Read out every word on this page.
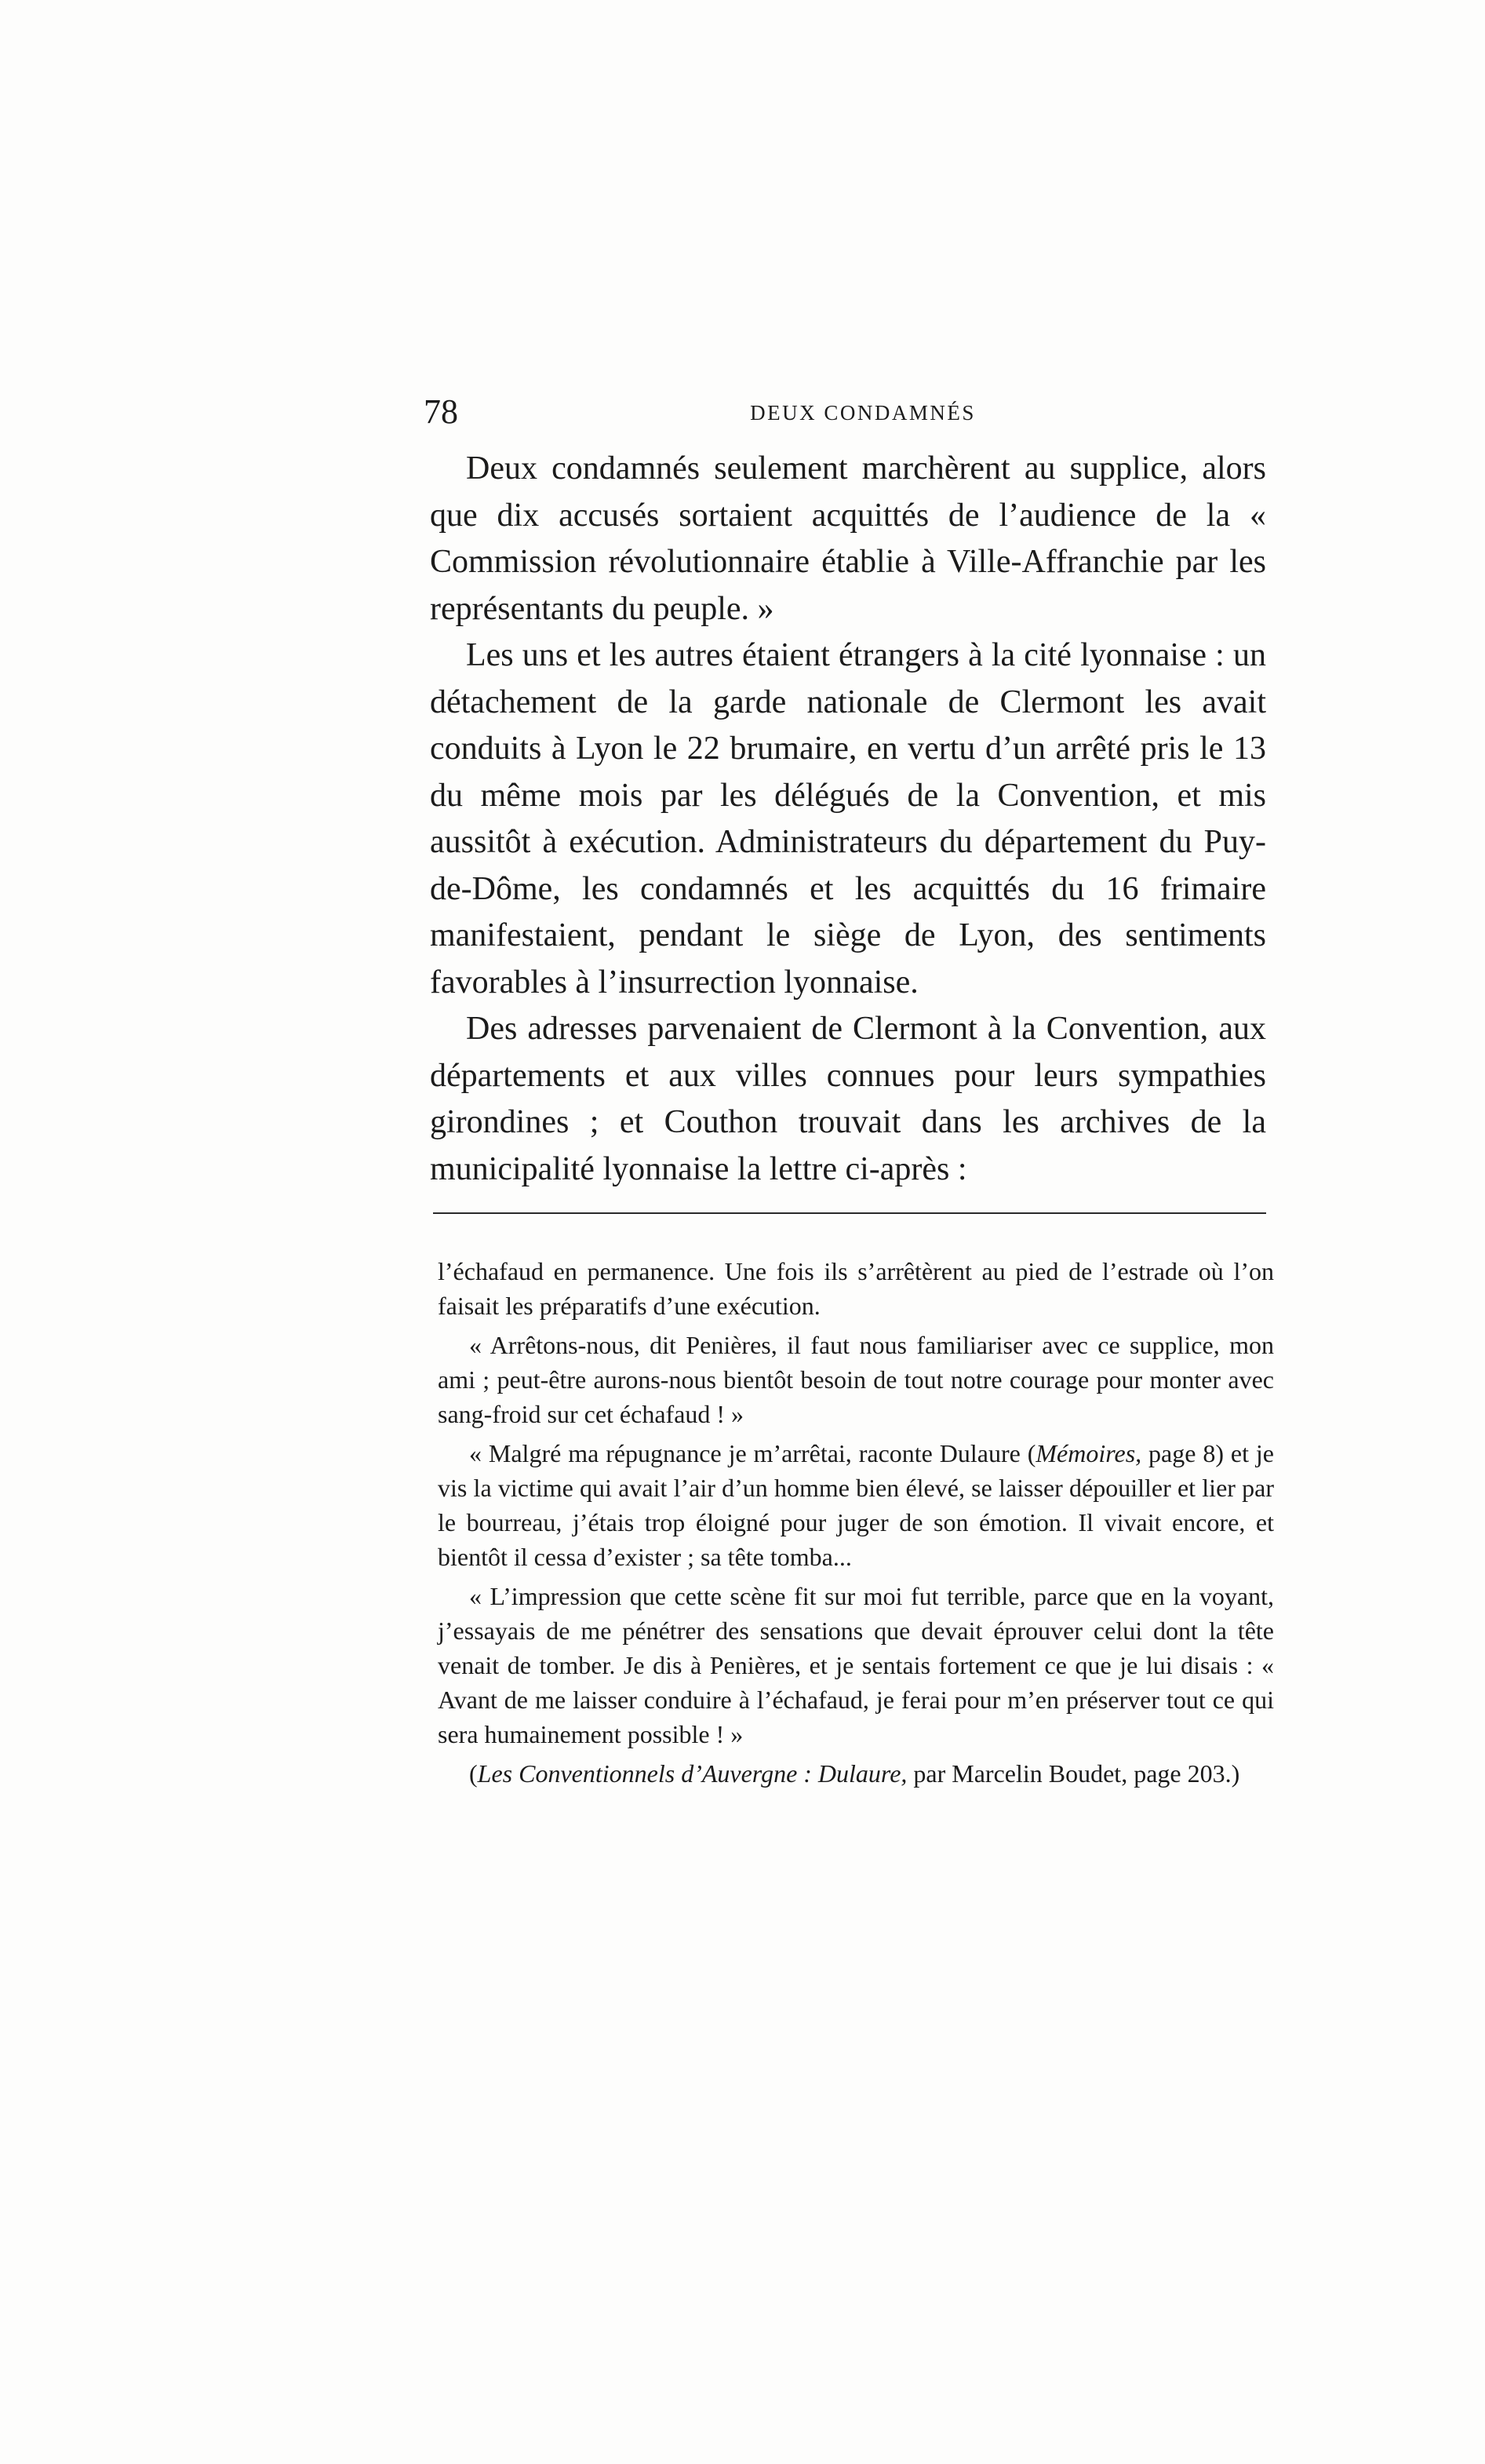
78	DEUX CONDAMNÉS

Deux condamnés seulement marchèrent au supplice, alors que dix accusés sortaient acquittés de l’audience de la « Commission révolutionnaire établie à Ville-Affranchie par les représentants du peuple. »

Les uns et les autres étaient étrangers à la cité lyonnaise : un détachement de la garde nationale de Clermont les avait conduits à Lyon le 22 brumaire, en vertu d’un arrêté pris le 13 du même mois par les délégués de la Convention, et mis aussitôt à exécution. Administrateurs du département du Puy-de-Dôme, les condamnés et les acquittés du 16 frimaire manifestaient, pendant le siège de Lyon, des sentiments favorables à l’insurrection lyonnaise.

Des adresses parvenaient de Clermont à la Convention, aux départements et aux villes connues pour leurs sympathies girondines ; et Couthon trouvait dans les archives de la municipalité lyonnaise la lettre ci-après :

l’échafaud en permanence. Une fois ils s’arrêtèrent au pied de l’estrade où l’on faisait les préparatifs d’une exécution.

« Arrêtons-nous, dit Penières, il faut nous familiariser avec ce supplice, mon ami ; peut-être aurons-nous bientôt besoin de tout notre courage pour monter avec sang-froid sur cet échafaud ! »

« Malgré ma répugnance je m’arrêtai, raconte Dulaure (Mémoires, page 8) et je vis la victime qui avait l’air d’un homme bien élevé, se laisser dépouiller et lier par le bourreau, j’étais trop éloigné pour juger de son émotion. Il vivait encore, et bientôt il cessa d’exister ; sa tête tomba...

« L’impression que cette scène fit sur moi fut terrible, parce que en la voyant, j’essayais de me pénétrer des sensations que devait éprouver celui dont la tête venait de tomber. Je dis à Penières, et je sentais fortement ce que je lui disais : « Avant de me laisser conduire à l’échafaud, je ferai pour m’en préserver tout ce qui sera humainement possible ! »

(Les Conventionnels d’Auvergne : Dulaure, par Marcelin Boudet, page 203.)
